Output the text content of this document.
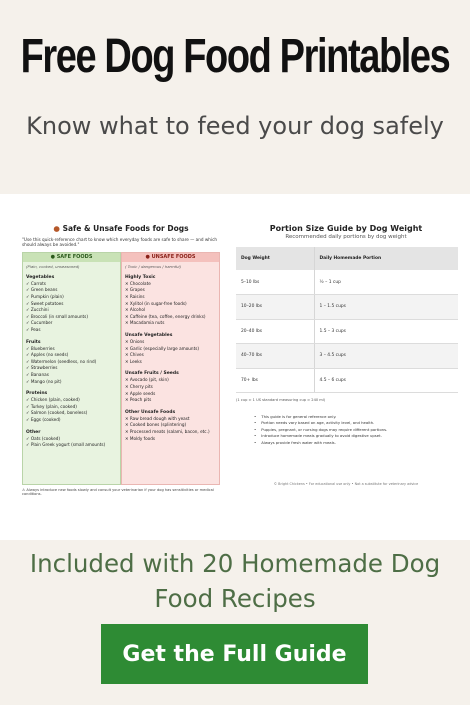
Free Dog Food Printables
Know what to feed your dog safely
● Safe & Unsafe Foods for Dogs
"Use this quick-reference chart to know which everyday foods are safe to share — and which should always be avoided."
● SAFE FOODS
(Plain, cooked, unseasoned)
Vegetables
✓ Carrots
✓ Green beans
✓ Pumpkin (plain)
✓ Sweet potatoes
✓ Zucchini
✓ Broccoli (in small amounts)
✓ Cucumber
✓ Peas
Fruits
✓ Blueberries
✓ Apples (no seeds)
✓ Watermelon (seedless, no rind)
✓ Strawberries
✓ Bananas
✓ Mango (no pit)
Proteins
✓ Chicken (plain, cooked)
✓ Turkey (plain, cooked)
✓ Salmon (cooked, boneless)
✓ Eggs (cooked)
Other
✓ Oats (cooked)
✓ Plain Greek yogurt (small amounts)
● UNSAFE FOODS
( Toxic / dangerous / harmful)
Highly Toxic
✕ Chocolate
✕ Grapes
✕ Raisins
✕ Xylitol (in sugar-free foods)
✕ Alcohol
✕ Caffeine (tea, coffee, energy drinks)
✕ Macadamia nuts
Unsafe Vegetables
✕ Onions
✕ Garlic (especially large amounts)
✕ Chives
✕ Leeks
Unsafe Fruits / Seeds
✕ Avocado (pit, skin)
✕ Cherry pits
✕ Apple seeds
✕ Peach pits
Other Unsafe Foods
✕ Raw bread dough with yeast
✕ Cooked bones (splintering)
✕ Processed meats (salami, bacon, etc.)
✕ Moldy foods
⚠ Always introduce new foods slowly and consult your veterinarian if your dog has sensitivities or medical conditions.
Portion Size Guide by Dog Weight
Recommended daily portions by dog weight
Dog Weight	Daily Homemade Portion
5–10 lbs	½ – 1 cup
10–20 lbs	1 – 1.5 cups
20–40 lbs	1.5 – 3 cups
40–70 lbs	3 – 4.5 cups
70+ lbs	4.5 – 6 cups
(1 cup ≈ 1 US standard measuring cup ≈ 240 ml)
• This guide is for general reference only.
• Portion needs vary based on age, activity level, and health.
• Puppies, pregnant, or nursing dogs may require different portions.
• Introduce homemade meals gradually to avoid digestive upset.
• Always provide fresh water with meals.
© Bright Chickens • For educational use only • Not a substitute for veterinary advice
Included with 20 Homemade Dog Food Recipes
Get the Full Guide
